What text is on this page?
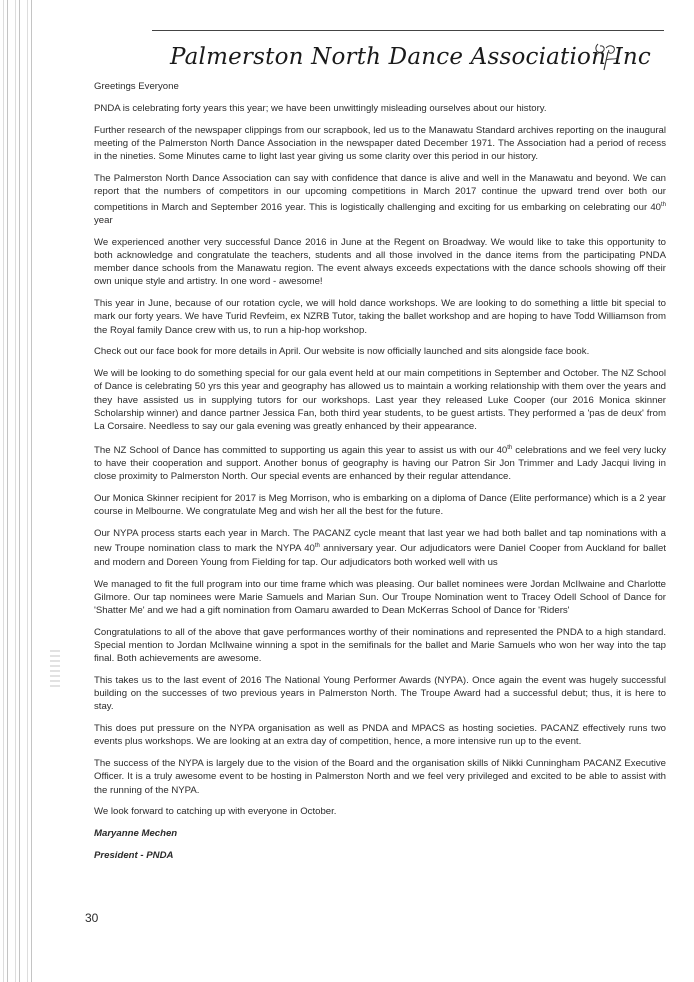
Palmerston North Dance Association Inc

Greetings Everyone

PNDA is celebrating forty years this year; we have been unwittingly misleading ourselves about our history.

Further research of the newspaper clippings from our scrapbook, led us to the Manawatu Standard archives reporting on the inaugural meeting of the Palmerston North Dance Association in the newspaper dated December 1971. The Association had a period of recess in the nineties. Some Minutes came to light last year giving us some clarity over this period in our history.

The Palmerston North Dance Association can say with confidence that dance is alive and well in the Manawatu and beyond. We can report that the numbers of competitors in our upcoming competitions in March 2017 continue the upward trend over both our competitions in March and September 2016 year. This is logistically challenging and exciting for us embarking on celebrating our 40th year

We experienced another very successful Dance 2016 in June at the Regent on Broadway. We would like to take this opportunity to both acknowledge and congratulate the teachers, students and all those involved in the dance items from the participating PNDA member dance schools from the Manawatu region. The event always exceeds expectations with the dance schools showing off their own unique style and artistry. In one word - awesome!

This year in June, because of our rotation cycle, we will hold dance workshops. We are looking to do something a little bit special to mark our forty years. We have Turid Revfeim, ex NZRB Tutor, taking the ballet workshop and are hoping to have Todd Williamson from the Royal family Dance crew with us, to run a hip-hop workshop.

Check out our face book for more details in April. Our website is now officially launched and sits alongside face book.

We will be looking to do something special for our gala event held at our main competitions in September and October. The NZ School of Dance is celebrating 50 yrs this year and geography has allowed us to maintain a working relationship with them over the years and they have assisted us in supplying tutors for our workshops. Last year they released Luke Cooper (our 2016 Monica skinner Scholarship winner) and dance partner Jessica Fan, both third year students, to be guest artists. They performed a 'pas de deux' from La Corsaire. Needless to say our gala evening was greatly enhanced by their appearance.

The NZ School of Dance has committed to supporting us again this year to assist us with our 40th celebrations and we feel very lucky to have their cooperation and support. Another bonus of geography is having our Patron Sir Jon Trimmer and Lady Jacqui living in close proximity to Palmerston North. Our special events are enhanced by their regular attendance.

Our Monica Skinner recipient for 2017 is Meg Morrison, who is embarking on a diploma of Dance (Elite performance) which is a 2 year course in Melbourne. We congratulate Meg and wish her all the best for the future.

Our NYPA process starts each year in March. The PACANZ cycle meant that last year we had both ballet and tap nominations with a new Troupe nomination class to mark the NYPA 40th anniversary year. Our adjudicators were Daniel Cooper from Auckland for ballet and modern and Doreen Young from Fielding for tap. Our adjudicators both worked well with us

We managed to fit the full program into our time frame which was pleasing. Our ballet nominees were Jordan McIlwaine and Charlotte Gilmore. Our tap nominees were Marie Samuels and Marian Sun. Our Troupe Nomination went to Tracey Odell School of Dance for 'Shatter Me' and we had a gift nomination from Oamaru awarded to Dean McKerras School of Dance for 'Riders'

Congratulations to all of the above that gave performances worthy of their nominations and represented the PNDA to a high standard. Special mention to Jordan McIlwaine winning a spot in the semifinals for the ballet and Marie Samuels who won her way into the tap final. Both achievements are awesome.

This takes us to the last event of 2016 The National Young Performer Awards (NYPA). Once again the event was hugely successful building on the successes of two previous years in Palmerston North. The Troupe Award had a successful debut; thus, it is here to stay.

This does put pressure on the NYPA organisation as well as PNDA and MPACS as hosting societies. PACANZ effectively runs two events plus workshops. We are looking at an extra day of competition, hence, a more intensive run up to the event.

The success of the NYPA is largely due to the vision of the Board and the organisation skills of Nikki Cunningham PACANZ Executive Officer. It is a truly awesome event to be hosting in Palmerston North and we feel very privileged and excited to be able to assist with the running of the NYPA.

We look forward to catching up with everyone in October.

Maryanne Mechen

President - PNDA

30
